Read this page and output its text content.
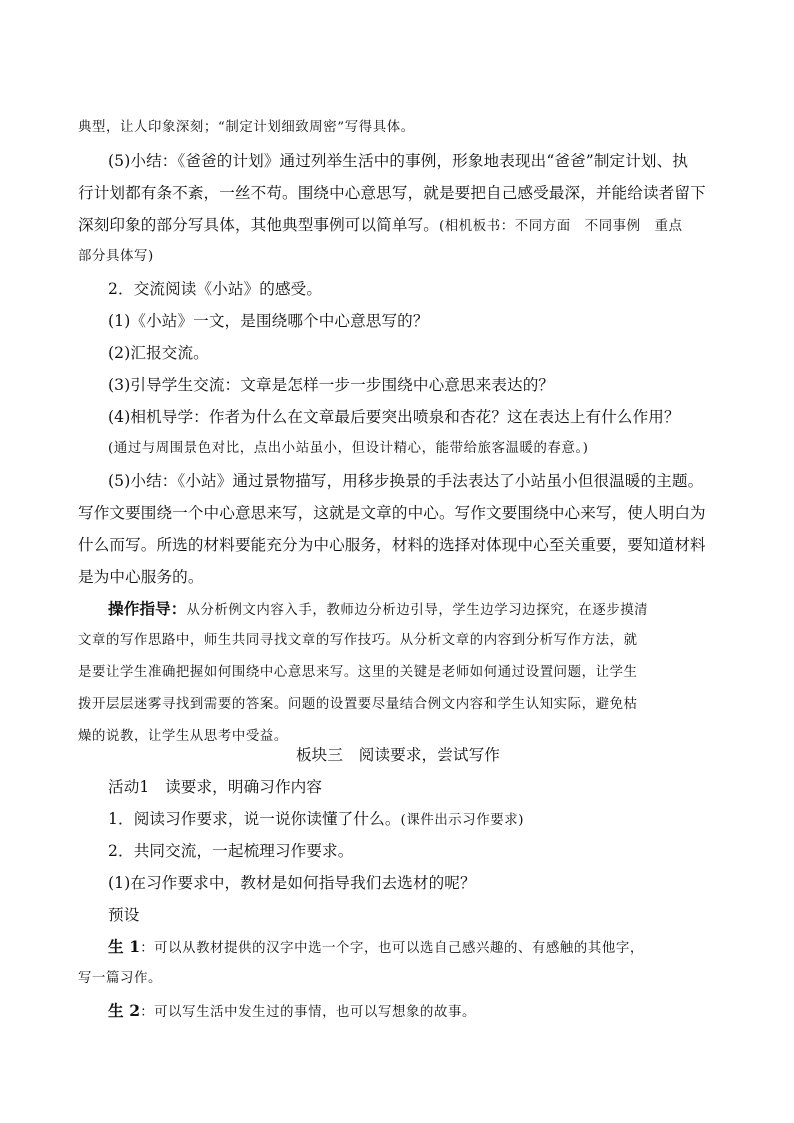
典型，让人印象深刻；“制定计划细致周密”写得具体。
(5)小结：《爸爸的计划》通过列举生活中的事例，形象地表现出“爸爸”制定计划、执
行计划都有条不紊，一丝不苟。围绕中心意思写，就是要把自己感受最深，并能给读者留下
深刻印象的部分写具体，其他典型事例可以简单写。(相机板书：不同方面　不同事例　重点
部分具体写)
2．交流阅读《小站》的感受。
(1)《小站》一文，是围绕哪个中心意思写的？
(2)汇报交流。
(3)引导学生交流：文章是怎样一步一步围绕中心意思来表达的？
(4)相机导学：作者为什么在文章最后要突出喷泉和杏花？这在表达上有什么作用？
(通过与周围景色对比，点出小站虽小，但设计精心，能带给旅客温暖的春意。)
(5)小结：《小站》通过景物描写，用移步换景的手法表达了小站虽小但很温暖的主题。
写作文要围绕一个中心意思来写，这就是文章的中心。写作文要围绕中心来写，使人明白为
什么而写。所选的材料要能充分为中心服务，材料的选择对体现中心至关重要，要知道材料
是为中心服务的。
操作指导：从分析例文内容入手，教师边分析边引导，学生边学习边探究，在逐步摸清
文章的写作思路中，师生共同寻找文章的写作技巧。从分析文章的内容到分析写作方法，就
是要让学生准确把握如何围绕中心意思来写。这里的关键是老师如何通过设置问题，让学生
拨开层层迷雾寻找到需要的答案。问题的设置要尽量结合例文内容和学生认知实际，避免枯
燥的说教，让学生从思考中受益。
板块三　阅读要求，尝试写作
活动1　读要求，明确习作内容
1．阅读习作要求，说一说你读懂了什么。(课件出示习作要求)
2．共同交流，一起梳理习作要求。
(1)在习作要求中，教材是如何指导我们去选材的呢？
预设
生 1：可以从教材提供的汉字中选一个字，也可以选自己感兴趣的、有感触的其他字，
写一篇习作。
生 2：可以写生活中发生过的事情，也可以写想象的故事。
